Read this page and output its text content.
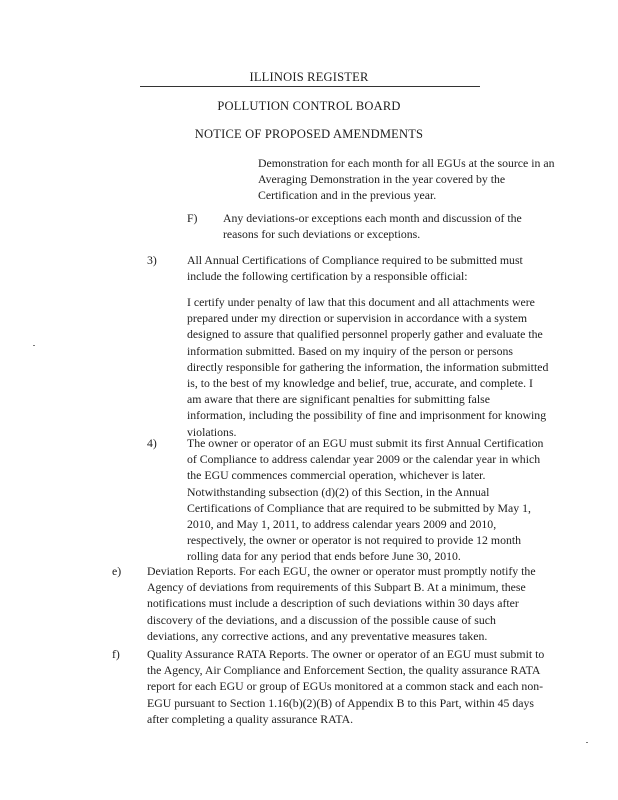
ILLINOIS REGISTER
POLLUTION CONTROL BOARD
NOTICE OF PROPOSED AMENDMENTS

Demonstration for each month for all EGUs at the source in an Averaging Demonstration in the year covered by the Certification and in the previous year.

F) Any deviations-or exceptions each month and discussion of the reasons for such deviations or exceptions.

3)	All Annual Certifications of Compliance required to be submitted must include the following certification by a responsible official:

I certify under penalty of law that this document and all attachments were prepared under my direction or supervision in accordance with a system designed to assure that qualified personnel properly gather and evaluate the information submitted. Based on my inquiry of the person or persons directly responsible for gathering the information, the information submitted is, to the best of my knowledge and belief, true, accurate, and complete. I am aware that there are significant penalties for submitting false information, including the possibility of fine and imprisonment for knowing violations.

4)	The owner or operator of an EGU must submit its first Annual Certification of Compliance to address calendar year 2009 or the calendar year in which the EGU commences commercial operation, whichever is later. Notwithstanding subsection (d)(2) of this Section, in the Annual Certifications of Compliance that are required to be submitted by May 1, 2010, and May 1, 2011, to address calendar years 2009 and 2010, respectively, the owner or operator is not required to provide 12 month rolling data for any period that ends before June 30, 2010.

e) Deviation Reports. For each EGU, the owner or operator must promptly notify the Agency of deviations from requirements of this Subpart B. At a minimum, these notifications must include a description of such deviations within 30 days after discovery of the deviations, and a discussion of the possible cause of such deviations, any corrective actions, and any preventative measures taken.

f) Quality Assurance RATA Reports. The owner or operator of an EGU must submit to the Agency, Air Compliance and Enforcement Section, the quality assurance RATA report for each EGU or group of EGUs monitored at a common stack and each non-EGU pursuant to Section 1.16(b)(2)(B) of Appendix B to this Part, within 45 days after completing a quality assurance RATA.
